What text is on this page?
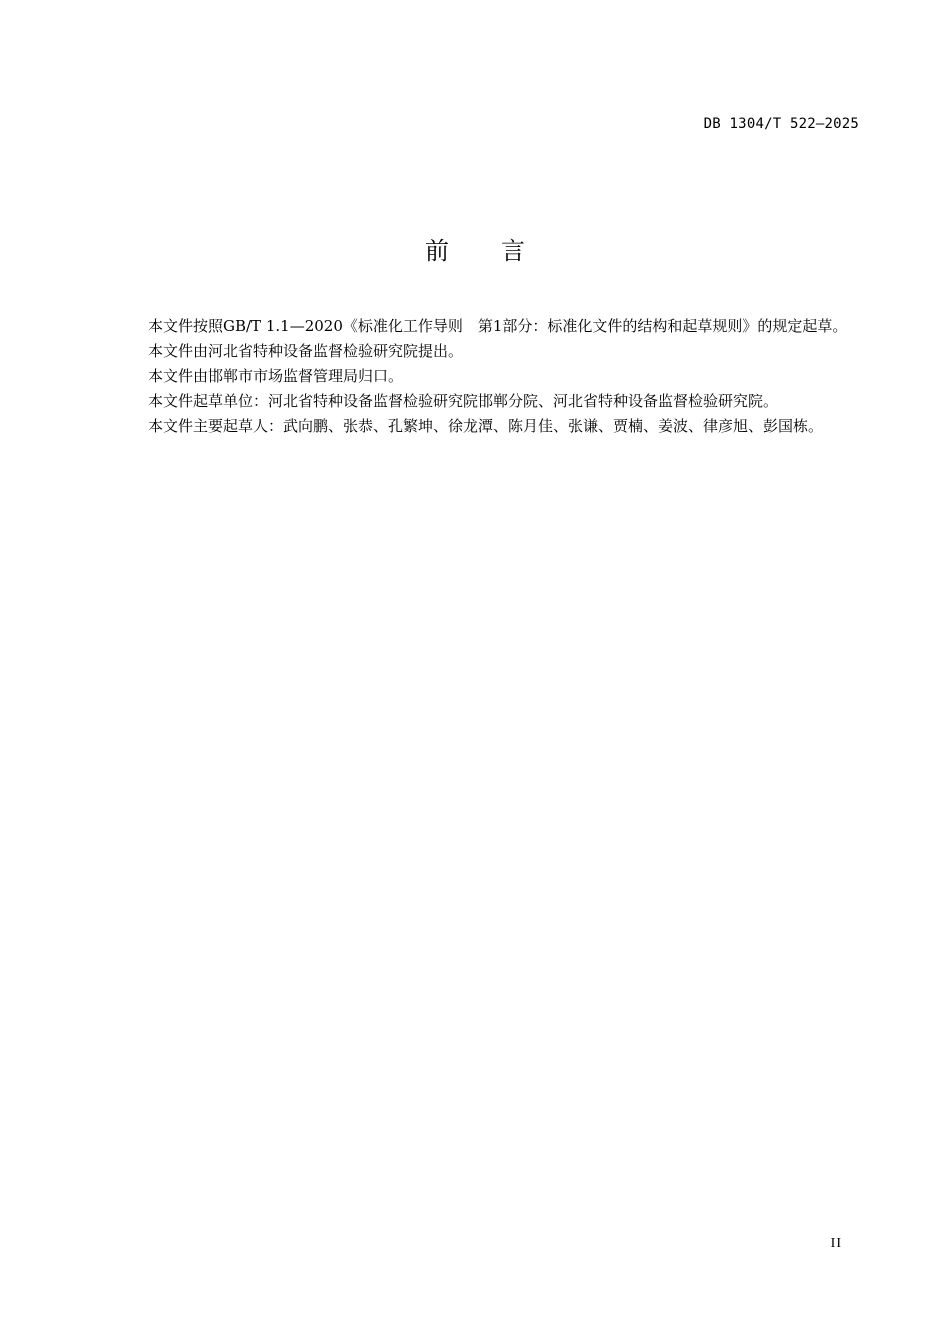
DB 1304/T 522—2025
前 言

本文件按照GB/T 1.1—2020《标准化工作导则　第1部分：标准化文件的结构和起草规则》的规定起草。

本文件由河北省特种设备监督检验研究院提出。

本文件由邯郸市市场监督管理局归口。

本文件起草单位：河北省特种设备监督检验研究院邯郸分院、河北省特种设备监督检验研究院。

本文件主要起草人：武向鹏、张恭、孔繁坤、徐龙潭、陈月佳、张谦、贾楠、姜波、律彦旭、彭国栋。

II
